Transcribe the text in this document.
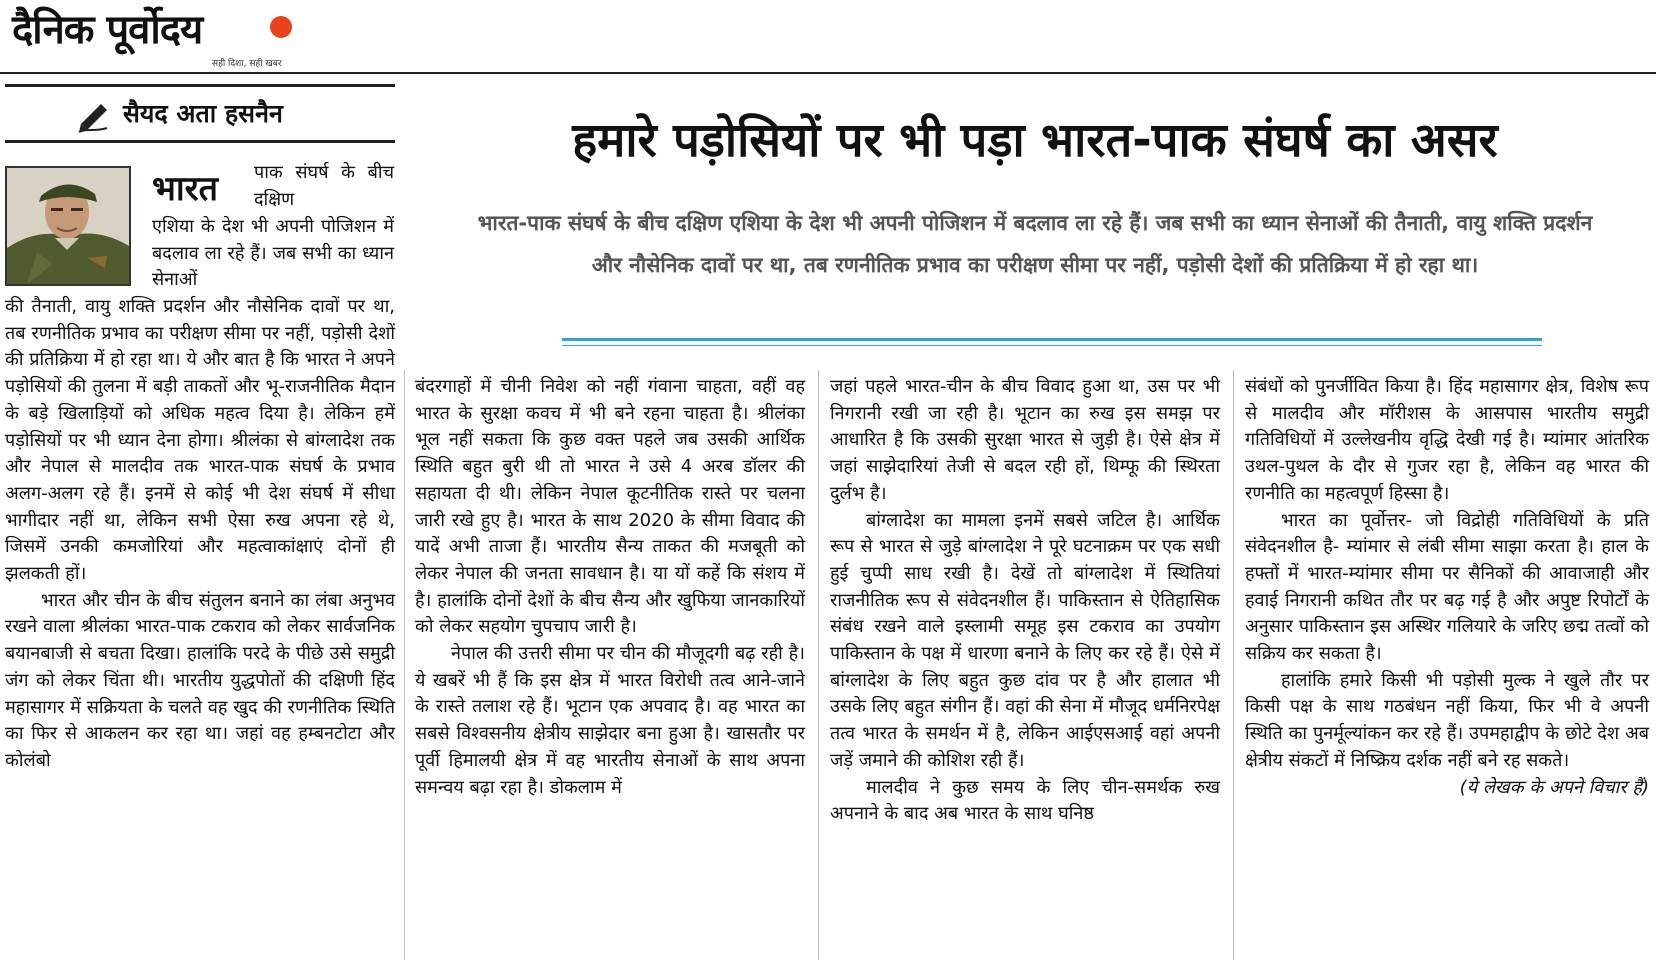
दैनिक पूर्वोदय
सही दिशा, सही खबर
सैयद अता हसनैन
भारत पाक संघर्ष के बीच दक्षिण

एशिया के देश भी अपनी पोजिशन में बदलाव ला रहे हैं। जब सभी का ध्यान सेनाओं

की तैनाती, वायु शक्ति प्रदर्शन और नौसेनिक दावों पर था, तब रणनीतिक प्रभाव का परीक्षण सीमा पर नहीं, पड़ोसी देशों की प्रतिक्रिया में हो रहा था। ये और बात है कि भारत ने अपने पड़ोसियों की तुलना में बड़ी ताकतों और भू-राजनीतिक मैदान के बड़े खिलाड़ियों को अधिक महत्व दिया है। लेकिन हमें पड़ोसियों पर भी ध्यान देना होगा। श्रीलंका से बांग्लादेश तक और नेपाल से मालदीव तक भारत-पाक संघर्ष के प्रभाव अलग-अलग रहे हैं। इनमें से कोई भी देश संघर्ष में सीधा भागीदार नहीं था, लेकिन सभी ऐसा रुख अपना रहे थे, जिसमें उनकी कमजोरियां और महत्वाकांक्षाएं दोनों ही झलकती हों।

भारत और चीन के बीच संतुलन बनाने का लंबा अनुभव रखने वाला श्रीलंका भारत-पाक टकराव को लेकर सार्वजनिक बयानबाजी से बचता दिखा। हालांकि परदे के पीछे उसे समुद्री जंग को लेकर चिंता थी। भारतीय युद्धपोतों की दक्षिणी हिंद महासागर में सक्रियता के चलते वह खुद की रणनीतिक स्थिति का फिर से आकलन कर रहा था। जहां वह हम्बनटोटा और कोलंबो

हमारे पड़ोसियों पर भी पड़ा भारत-पाक संघर्ष का असर
भारत-पाक संघर्ष के बीच दक्षिण एशिया के देश भी अपनी पोजिशन में बदलाव ला रहे हैं। जब सभी का ध्यान सेनाओं की तैनाती, वायु शक्ति प्रदर्शन और नौसेनिक दावों पर था, तब रणनीतिक प्रभाव का परीक्षण सीमा पर नहीं, पड़ोसी देशों की प्रतिक्रिया में हो रहा था।

बंदरगाहों में चीनी निवेश को नहीं गंवाना चाहता, वहीं वह भारत के सुरक्षा कवच में भी बने रहना चाहता है। श्रीलंका भूल नहीं सकता कि कुछ वक्त पहले जब उसकी आर्थिक स्थिति बहुत बुरी थी तो भारत ने उसे 4 अरब डॉलर की सहायता दी थी। लेकिन नेपाल कूटनीतिक रास्ते पर चलना जारी रखे हुए है। भारत के साथ 2020 के सीमा विवाद की यादें अभी ताजा हैं। भारतीय सैन्य ताकत की मजबूती को लेकर नेपाल की जनता सावधान है। या यों कहें कि संशय में है। हालांकि दोनों देशों के बीच सैन्य और खुफिया जानकारियों को लेकर सहयोग चुपचाप जारी है।

नेपाल की उत्तरी सीमा पर चीन की मौजूदगी बढ़ रही है। ये खबरें भी हैं कि इस क्षेत्र में भारत विरोधी तत्व आने-जाने के रास्ते तलाश रहे हैं। भूटान एक अपवाद है। वह भारत का सबसे विश्वसनीय क्षेत्रीय साझेदार बना हुआ है। खासतौर पर पूर्वी हिमालयी क्षेत्र में वह भारतीय सेनाओं के साथ अपना समन्वय बढ़ा रहा है। डोकलाम में

जहां पहले भारत-चीन के बीच विवाद हुआ था, उस पर भी निगरानी रखी जा रही है। भूटान का रुख इस समझ पर आधारित है कि उसकी सुरक्षा भारत से जुड़ी है। ऐसे क्षेत्र में जहां साझेदारियां तेजी से बदल रही हों, थिम्फू की स्थिरता दुर्लभ है।

बांग्लादेश का मामला इनमें सबसे जटिल है। आर्थिक रूप से भारत से जुड़े बांग्लादेश ने पूरे घटनाक्रम पर एक सधी हुई चुप्पी साध रखी है। देखें तो बांग्लादेश में स्थितियां राजनीतिक रूप से संवेदनशील हैं। पाकिस्तान से ऐतिहासिक संबंध रखने वाले इस्लामी समूह इस टकराव का उपयोग पाकिस्तान के पक्ष में धारणा बनाने के लिए कर रहे हैं। ऐसे में बांग्लादेश के लिए बहुत कुछ दांव पर है और हालात भी उसके लिए बहुत संगीन हैं। वहां की सेना में मौजूद धर्मनिरपेक्ष तत्व भारत के समर्थन में है, लेकिन आईएसआई वहां अपनी जड़ें जमाने की कोशिश रही हैं।

मालदीव ने कुछ समय के लिए चीन-समर्थक रुख अपनाने के बाद अब भारत के साथ घनिष्ठ

संबंधों को पुनर्जीवित किया है। हिंद महासागर क्षेत्र, विशेष रूप से मालदीव और मॉरीशस के आसपास भारतीय समुद्री गतिविधियों में उल्लेखनीय वृद्धि देखी गई है। म्यांमार आंतरिक उथल-पुथल के दौर से गुजर रहा है, लेकिन वह भारत की रणनीति का महत्वपूर्ण हिस्सा है।

भारत का पूर्वोत्तर- जो विद्रोही गतिविधियों के प्रति संवेदनशील है- म्यांमार से लंबी सीमा साझा करता है। हाल के हफ्तों में भारत-म्यांमार सीमा पर सैनिकों की आवाजाही और हवाई निगरानी कथित तौर पर बढ़ गई है और अपुष्ट रिपोर्टों के अनुसार पाकिस्तान इस अस्थिर गलियारे के जरिए छद्म तत्वों को सक्रिय कर सकता है।

हालांकि हमारे किसी भी पड़ोसी मुल्क ने खुले तौर पर किसी पक्ष के साथ गठबंधन नहीं किया, फिर भी वे अपनी स्थिति का पुनर्मूल्यांकन कर रहे हैं। उपमहाद्वीप के छोटे देश अब क्षेत्रीय संकटों में निष्क्रिय दर्शक नहीं बने रह सकते।

(ये लेखक के अपने विचार हैं)
